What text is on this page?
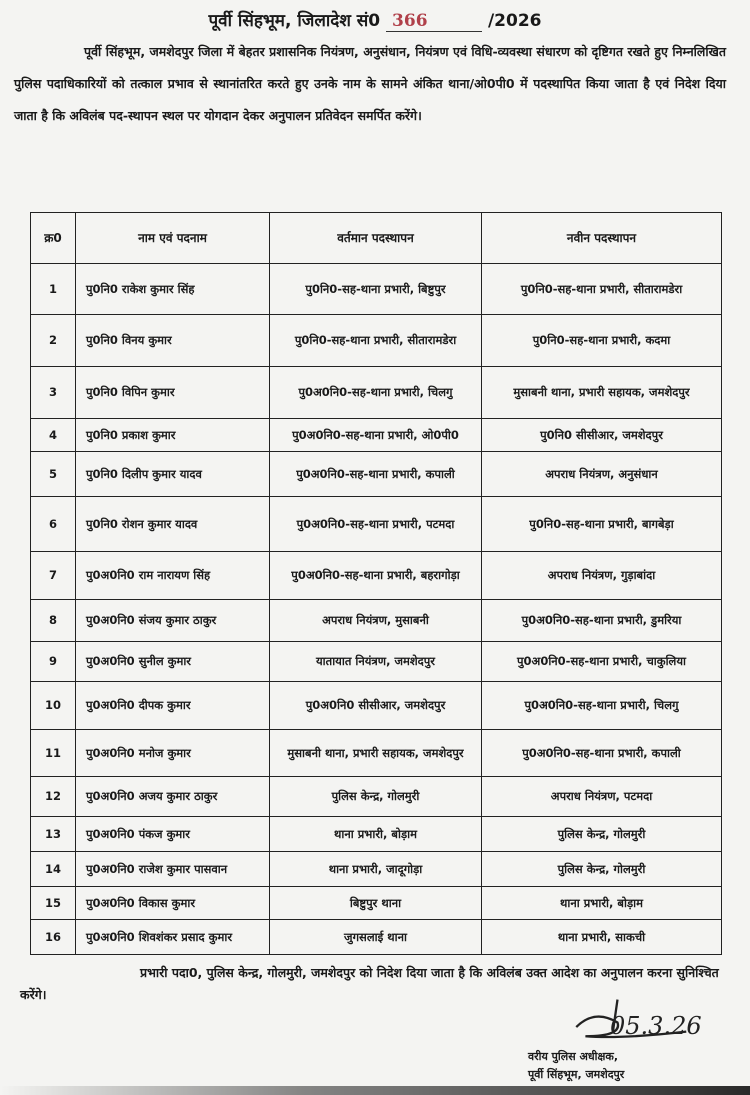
पूर्वी सिंहभूम, जिलादेश सं0 366	/2026
पूर्वी सिंहभूम, जमशेदपुर जिला में बेहतर प्रशासनिक नियंत्रण, अनुसंधान, नियंत्रण एवं विधि-व्यवस्था संधारण को दृष्टिगत रखते हुए निम्नलिखित पुलिस पदाधिकारियों को तत्काल प्रभाव से स्थानांतरित करते हुए उनके नाम के सामने अंकित थाना/ओ0पी0 में पदस्थापित किया जाता है एवं निदेश दिया जाता है कि अविलंब पद-स्थापन स्थल पर योगदान देकर अनुपालन प्रतिवेदन समर्पित करेंगे।
क्र0	नाम एवं पदनाम	वर्तमान पदस्थापन	नवीन पदस्थापन
1	पु0नि0 राकेश कुमार सिंह	पु0नि0-सह-थाना प्रभारी, बिष्टुपुर	पु0नि0-सह-थाना प्रभारी, सीतारामडेरा
2	पु0नि0 विनय कुमार	पु0नि0-सह-थाना प्रभारी, सीतारामडेरा	पु0नि0-सह-थाना प्रभारी, कदमा
3	पु0नि0 विपिन कुमार	पु0अ0नि0-सह-थाना प्रभारी, चिलगु	मुसाबनी थाना, प्रभारी सहायक, जमशेदपुर
4	पु0नि0 प्रकाश कुमार	पु0अ0नि0-सह-थाना प्रभारी, ओ0पी0	पु0नि0 सीसीआर, जमशेदपुर
5	पु0नि0 दिलीप कुमार यादव	पु0अ0नि0-सह-थाना प्रभारी, कपाली	अपराध नियंत्रण, अनुसंधान
6	पु0नि0 रोशन कुमार यादव	पु0अ0नि0-सह-थाना प्रभारी, पटमदा	पु0नि0-सह-थाना प्रभारी, बागबेड़ा
7	पु0अ0नि0 राम नारायण सिंह	पु0अ0नि0-सह-थाना प्रभारी, बहरागोड़ा	अपराध नियंत्रण, गुड़ाबांदा
8	पु0अ0नि0 संजय कुमार ठाकुर	अपराध नियंत्रण, मुसाबनी	पु0अ0नि0-सह-थाना प्रभारी, डुमरिया
9	पु0अ0नि0 सुनील कुमार	यातायात नियंत्रण, जमशेदपुर	पु0अ0नि0-सह-थाना प्रभारी, चाकुलिया
10	पु0अ0नि0 दीपक कुमार	पु0अ0नि0 सीसीआर, जमशेदपुर	पु0अ0नि0-सह-थाना प्रभारी, चिलगु
11	पु0अ0नि0 मनोज कुमार	मुसाबनी थाना, प्रभारी सहायक, जमशेदपुर	पु0अ0नि0-सह-थाना प्रभारी, कपाली
12	पु0अ0नि0 अजय कुमार ठाकुर	पुलिस केन्द्र, गोलमुरी	अपराध नियंत्रण, पटमदा
13	पु0अ0नि0 पंकज कुमार	थाना प्रभारी, बोड़ाम	पुलिस केन्द्र, गोलमुरी
14	पु0अ0नि0 राजेश कुमार पासवान	थाना प्रभारी, जादूगोड़ा	पुलिस केन्द्र, गोलमुरी
15	पु0अ0नि0 विकास कुमार	बिष्टुपुर थाना	थाना प्रभारी, बोड़ाम
16	पु0अ0नि0 शिवशंकर प्रसाद कुमार	जुगसलाई थाना	थाना प्रभारी, साकची
प्रभारी पदा0, पुलिस केन्द्र, गोलमुरी, जमशेदपुर को निदेश दिया जाता है कि अविलंब उक्त आदेश का अनुपालन करना सुनिश्चित करेंगे।
05.3.26
वरीय पुलिस अधीक्षक,
पूर्वी सिंहभूम, जमशेदपुर
